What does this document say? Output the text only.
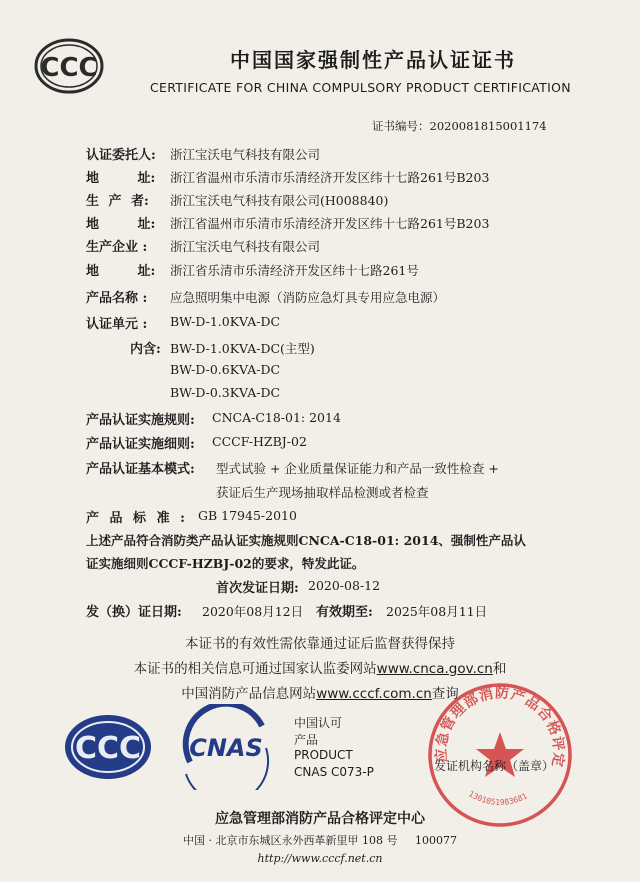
CCC	中国国家强制性产品认证证书
CERTIFICATE FOR CHINA COMPULSORY PRODUCT CERTIFICATION
证书编号：2020081815001174
认证委托人: 浙江宝沃电气科技有限公司
地 址: 浙江省温州市乐清市乐清经济开发区纬十七路261号B203
生 产 者: 浙江宝沃电气科技有限公司(H008840)
地 址: 浙江省温州市乐清市乐清经济开发区纬十七路261号B203
生产企业 : 浙江宝沃电气科技有限公司
地 址: 浙江省乐清市乐清经济开发区纬十七路261号
产品名称 : 应急照明集中电源（消防应急灯具专用应急电源）
认证单元 : BW-D-1.0KVA-DC
内含: BW-D-1.0KVA-DC(主型)
BW-D-0.6KVA-DC
BW-D-0.3KVA-DC
产品认证实施规则: CNCA-C18-01: 2014
产品认证实施细则: CCCF-HZBJ-02
产品认证基本模式: 型式试验 + 企业质量保证能力和产品一致性检查 +
获证后生产现场抽取样品检测或者检查
产 品 标 准 : GB 17945-2010
上述产品符合消防类产品认证实施规则CNCA-C18-01: 2014、强制性产品认
证实施细则CCCF-HZBJ-02的要求，特发此证。
首次发证日期: 2020-08-12
发（换）证日期: 2020年08月12日 有效期至: 2025年08月11日
本证书的有效性需依靠通过证后监督获得保持
本证书的相关信息可通过国家认监委网站www.cnca.gov.cn和
中国消防产品信息网站www.cccf.com.cn查询
CCC CNAS
中国认可
产品
PRODUCT
CNAS C073-P
应急管理部消防产品合格评定
1301051983681
发证机构名称（盖章）
应急管理部消防产品合格评定中心
中国 · 北京市东城区永外西革新里甲 108 号     100077
http://www.cccf.net.cn
